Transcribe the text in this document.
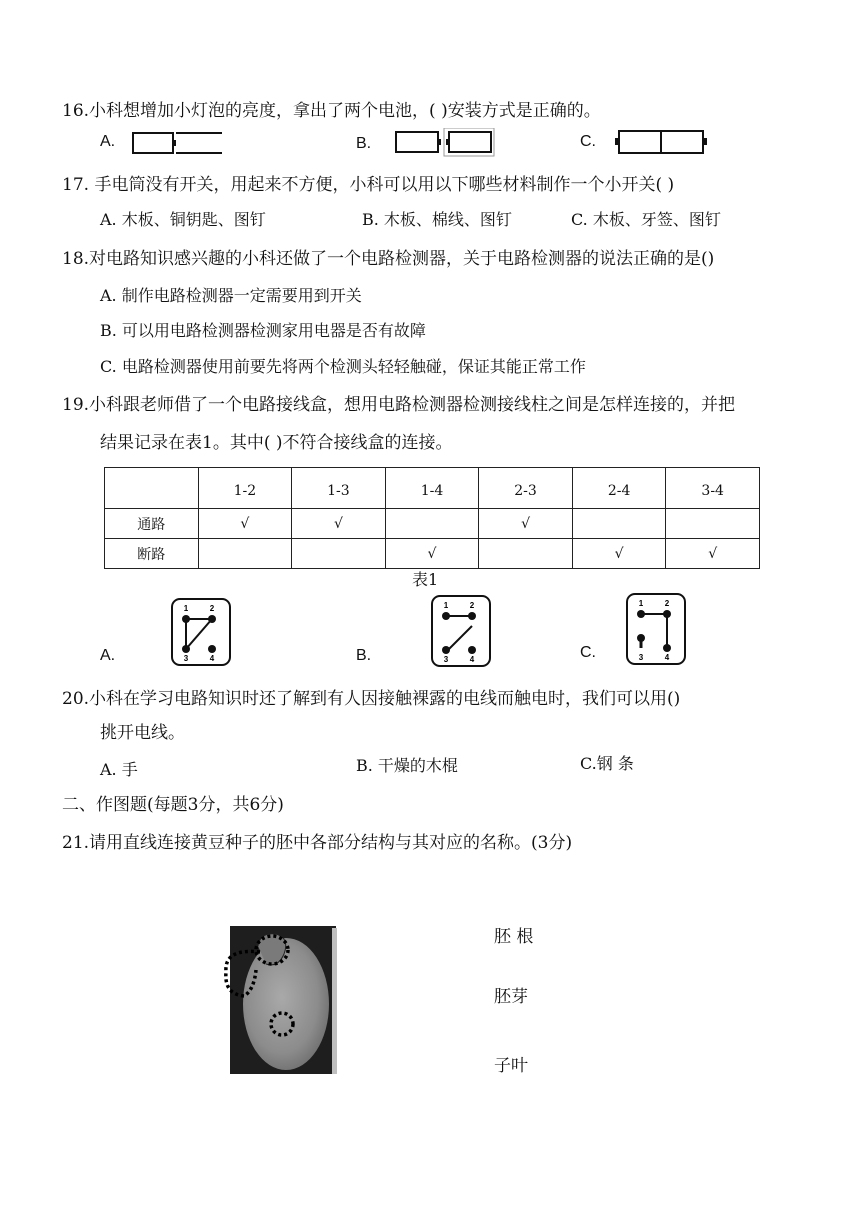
16.小科想增加小灯泡的亮度，拿出了两个电池，( )安装方式是正确的。
A.	B.	C.
17. 手电筒没有开关，用起来不方便，小科可以用以下哪些材料制作一个小开关( )
A. 木板、铜钥匙、图钉	B. 木板、棉线、图钉	C. 木板、牙签、图钉
18.对电路知识感兴趣的小科还做了一个电路检测器，关于电路检测器的说法正确的是()
A. 制作电路检测器一定需要用到开关
B. 可以用电路检测器检测家用电器是否有故障
C. 电路检测器使用前要先将两个检测头轻轻触碰，保证其能正常工作
19.小科跟老师借了一个电路接线盒，想用电路检测器检测接线柱之间是怎样连接的，并把
结果记录在表1。其中( )不符合接线盒的连接。
	1-2	1-3	1-4	2-3	2-4	3-4
通路	√	√		√		
断路			√		√	√
表1
A.
1	2
3	4	B.
1	2
3	4	C.
1	2
3	4
20.小科在学习电路知识时还了解到有人因接触裸露的电线而触电时，我们可以用()
挑开电线。
A. 手	B. 干燥的木棍	C.钢 条
二、作图题(每题3分，共6分)
21.请用直线连接黄豆种子的胚中各部分结构与其对应的名称。(3分)
胚 根
胚芽
子叶
